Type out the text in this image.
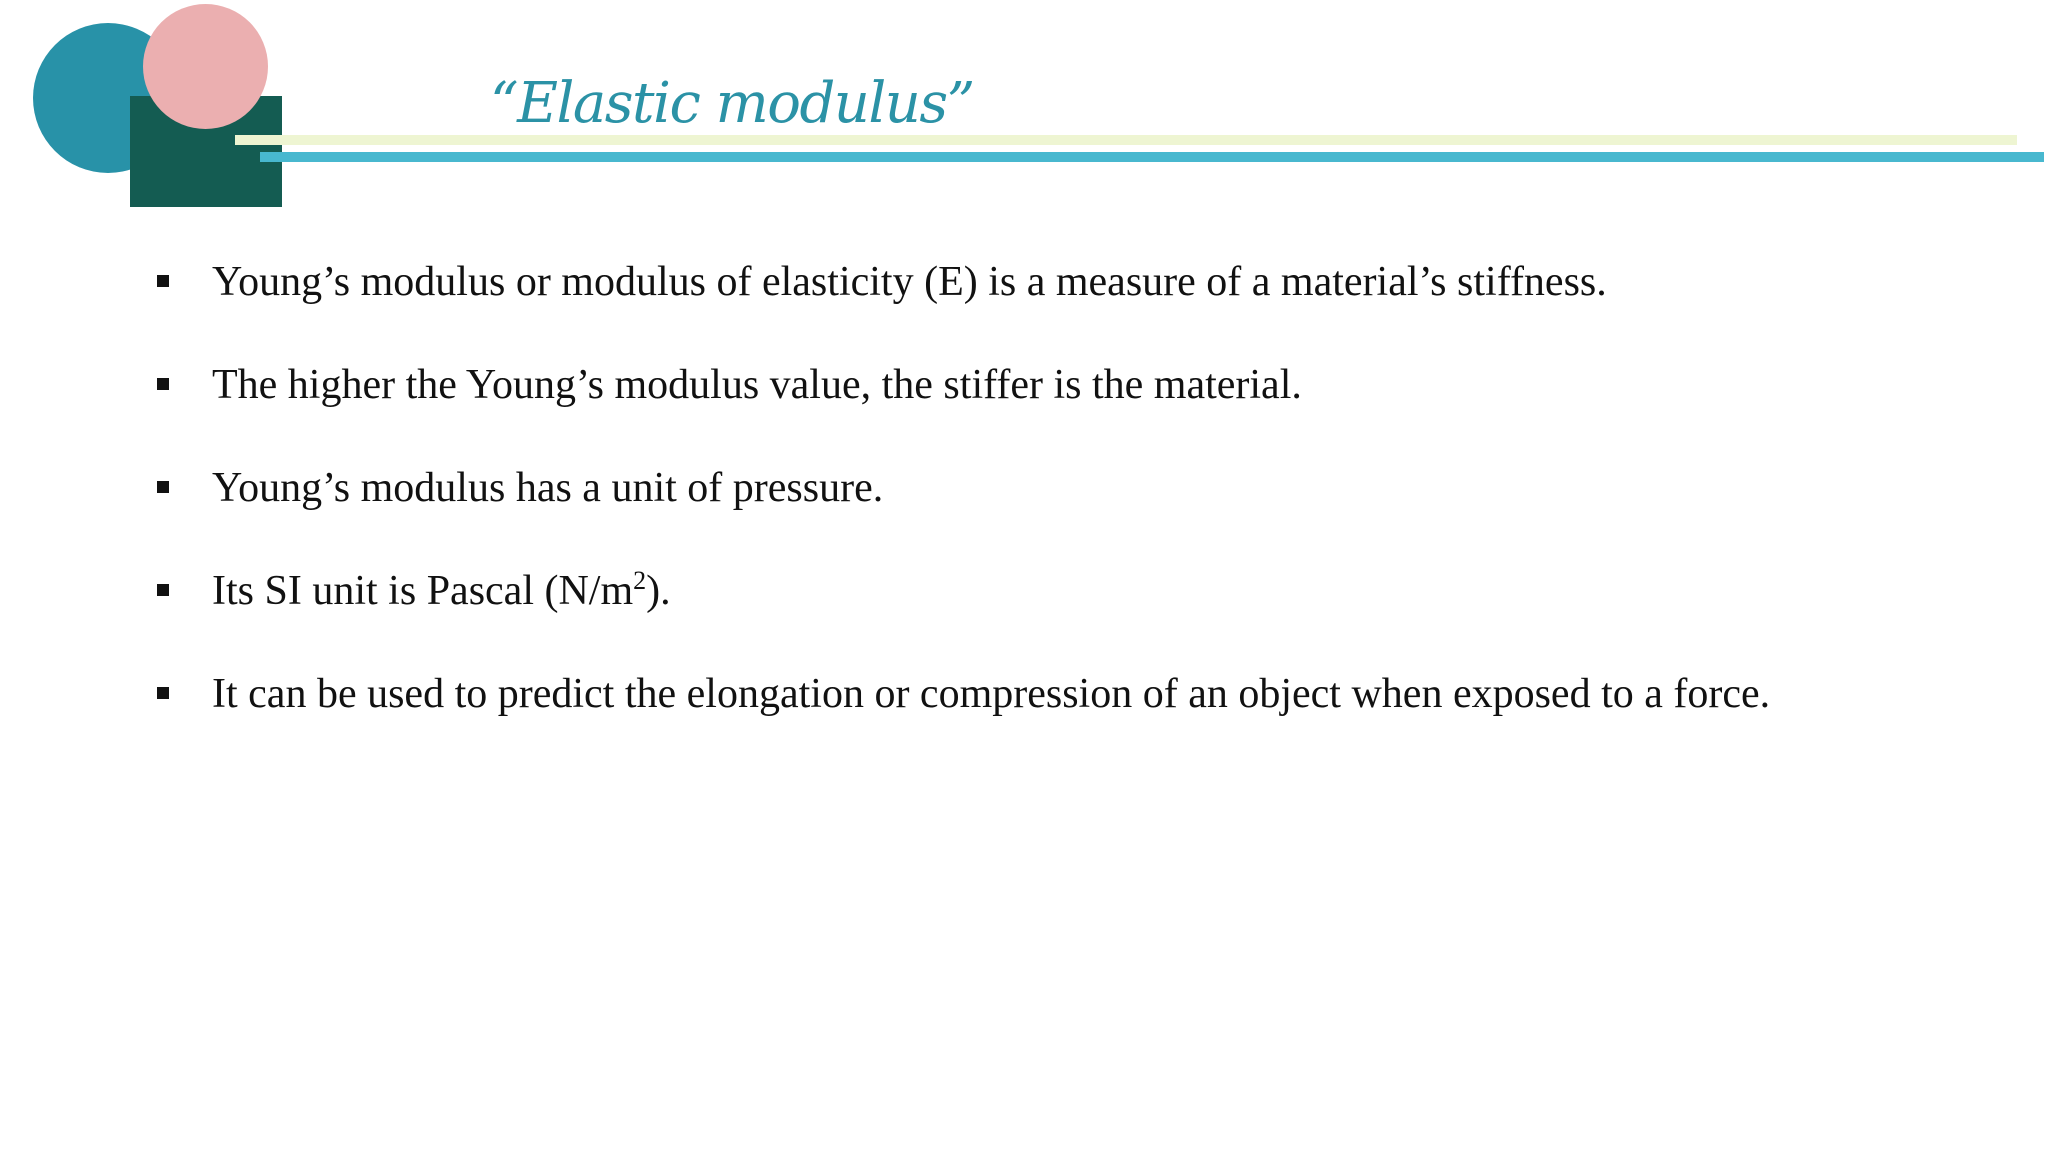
“Elastic modulus”
Young’s modulus or modulus of elasticity (E) is a measure of a material’s stiffness.
The higher the Young’s modulus value, the stiffer is the material.
Young’s modulus has a unit of pressure.
Its SI unit is Pascal $(N/m^2)$.
It can be used to predict the elongation or compression of an object when exposed to a force.
